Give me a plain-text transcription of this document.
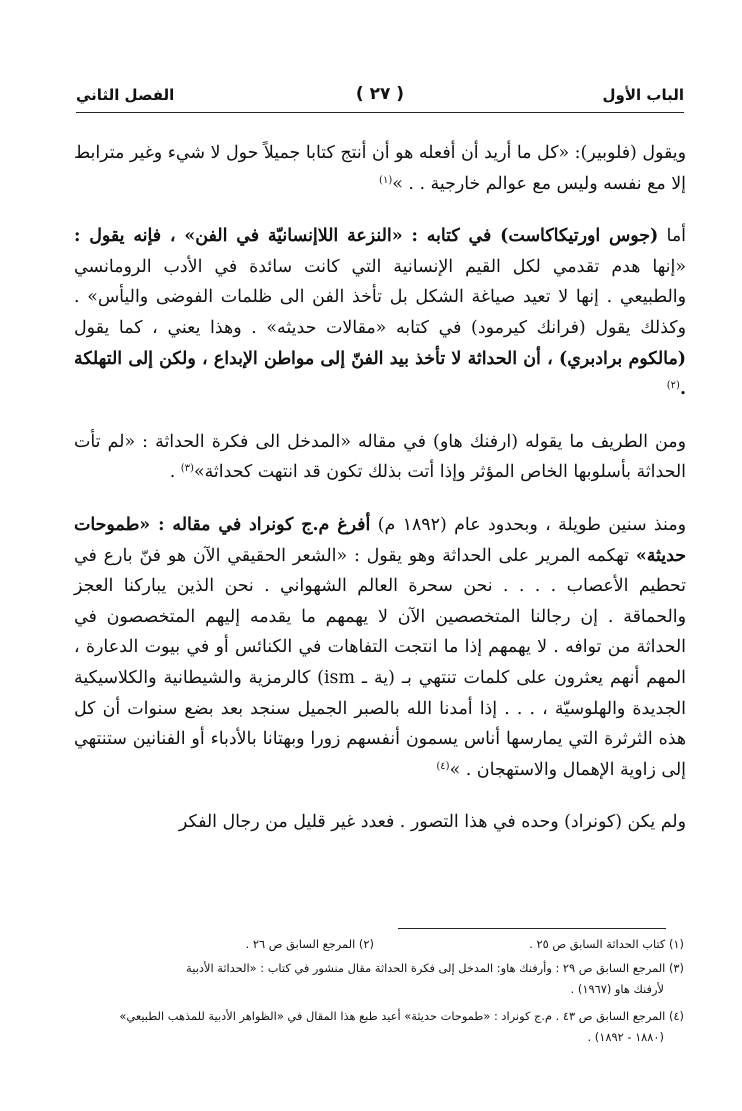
الباب الأول
( ٢٧ )
الفصل الثاني

ويقول (فلوبير): «كل ما أريد أن أفعله هو أن أنتج كتابا جميلاً حول لا شيء وغير مترابط إلا مع نفسه وليس مع عوالم خارجية . . »$^{(١)}$

أما (جوس اورتيكاكاست) في كتابه : «النزعة اللاإنسانيّة في الفن» ، فإنه يقول : «إنها هدم تقدمي لكل القيم الإنسانية التي كانت سائدة في الأدب الرومانسي والطبيعي . إنها لا تعيد صياغة الشكل بل تأخذ الفن الى ظلمات الفوضى واليأس» . وكذلك يقول (فرانك كيرمود) في كتابه «مقالات حديثه» . وهذا يعني ، كما يقول (مالكوم برادبري) ، أن الحداثة لا تأخذ بيد الفنّ إلى مواطن الإبداع ، ولكن إلى التهلكة .$^{(٢)}$

ومن الطريف ما يقوله (ارفنك هاو) في مقاله «المدخل الى فكرة الحداثة : «لم تأت الحداثة بأسلوبها الخاص المؤثر وإذا أتت بذلك تكون قد انتهت كحداثة»$^{(٣)}$ .

ومنذ سنين طويلة ، وبحدود عام (١٨٩٢ م) أفرغ م.ج كونراد في مقاله : «طموحات حديثة» تهكمه المرير على الحداثة وهو يقول : «الشعر الحقيقي الآن هو فنّ بارع في تحطيم الأعصاب . . . . نحن سحرة العالم الشهواني . نحن الذين يباركنا العجز والحماقة . إن رجالنا المتخصصين الآن لا يهمهم ما يقدمه إليهم المتخصصون في الحداثة من توافه . لا يهمهم إذا ما انتجت التفاهات في الكنائس أو في بيوت الدعارة ، المهم أنهم يعثرون على كلمات تنتهي بـ (ية ـ ism) كالرمزية والشيطانية والكلاسيكية الجديدة والهلوسيّة ، . . . إذا أمدنا الله بالصبر الجميل سنجد بعد بضع سنوات أن كل هذه الثرثرة التي يمارسها أناس يسمون أنفسهم زورا وبهتانا بالأدباء أو الفنانين ستنتهي إلى زاوية الإهمال والاستهجان . »$^{(٤)}$

ولم يكن (كونراد) وحده في هذا التصور . فعدد غير قليل من رجال الفكر

(١) كتاب الحداثة السابق ص ٢٥ .
(٢) المرجع السابق ص ٢٦ .
(٣) المرجع السابق ص ٢٩ : وأرفنك هاو: المدخل إلى فكرة الحداثة مقال منشور في كتاب : «الحداثة الأدبية
لأرفنك هاو (١٩٦٧) .
(٤) المرجع السابق ص ٤٣ . م.ج كونراد : «طموحات حديثة» أعيد طبع هذا المقال في «الظواهر الأدبية للمذهب الطبيعي»
(١٨٨٠ - ١٨٩٢) .
